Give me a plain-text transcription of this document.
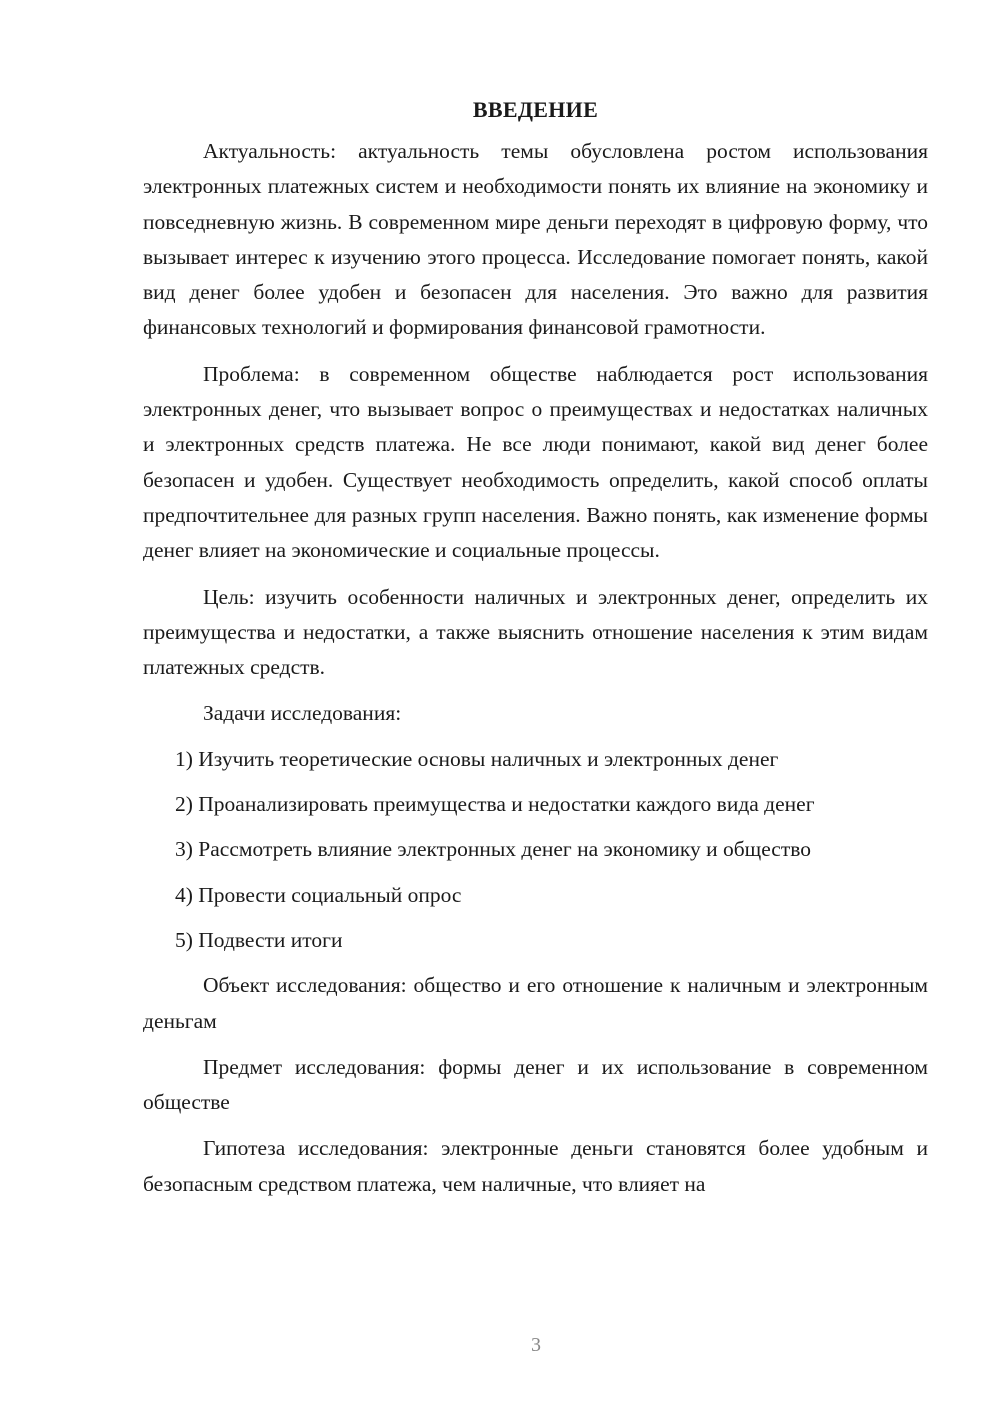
ВВЕДЕНИЕ

Актуальность: актуальность темы обусловлена ростом использования электронных платежных систем и необходимости понять их влияние на экономику и повседневную жизнь. В современном мире деньги переходят в цифровую форму, что вызывает интерес к изучению этого процесса. Исследование помогает понять, какой вид денег более удобен и безопасен для населения. Это важно для развития финансовых технологий и формирования финансовой грамотности.

Проблема: в современном обществе наблюдается рост использования электронных денег, что вызывает вопрос о преимуществах и недостатках наличных и электронных средств платежа. Не все люди понимают, какой вид денег более безопасен и удобен. Существует необходимость определить, какой способ оплаты предпочтительнее для разных групп населения. Важно понять, как изменение формы денег влияет на экономические и социальные процессы.

Цель: изучить особенности наличных и электронных денег, определить их преимущества и недостатки, а также выяснить отношение населения к этим видам платежных средств.

Задачи исследования:

1) Изучить теоретические основы наличных и электронных денег

2) Проанализировать преимущества и недостатки каждого вида денег

3) Рассмотреть влияние электронных денег на экономику и общество

4) Провести социальный опрос

5) Подвести итоги

Объект исследования: общество и его отношение к наличным и электронным деньгам

Предмет исследования: формы денег и их использование в современном обществе

Гипотеза исследования: электронные деньги становятся более удобным и безопасным средством платежа, чем наличные, что влияет на

3
